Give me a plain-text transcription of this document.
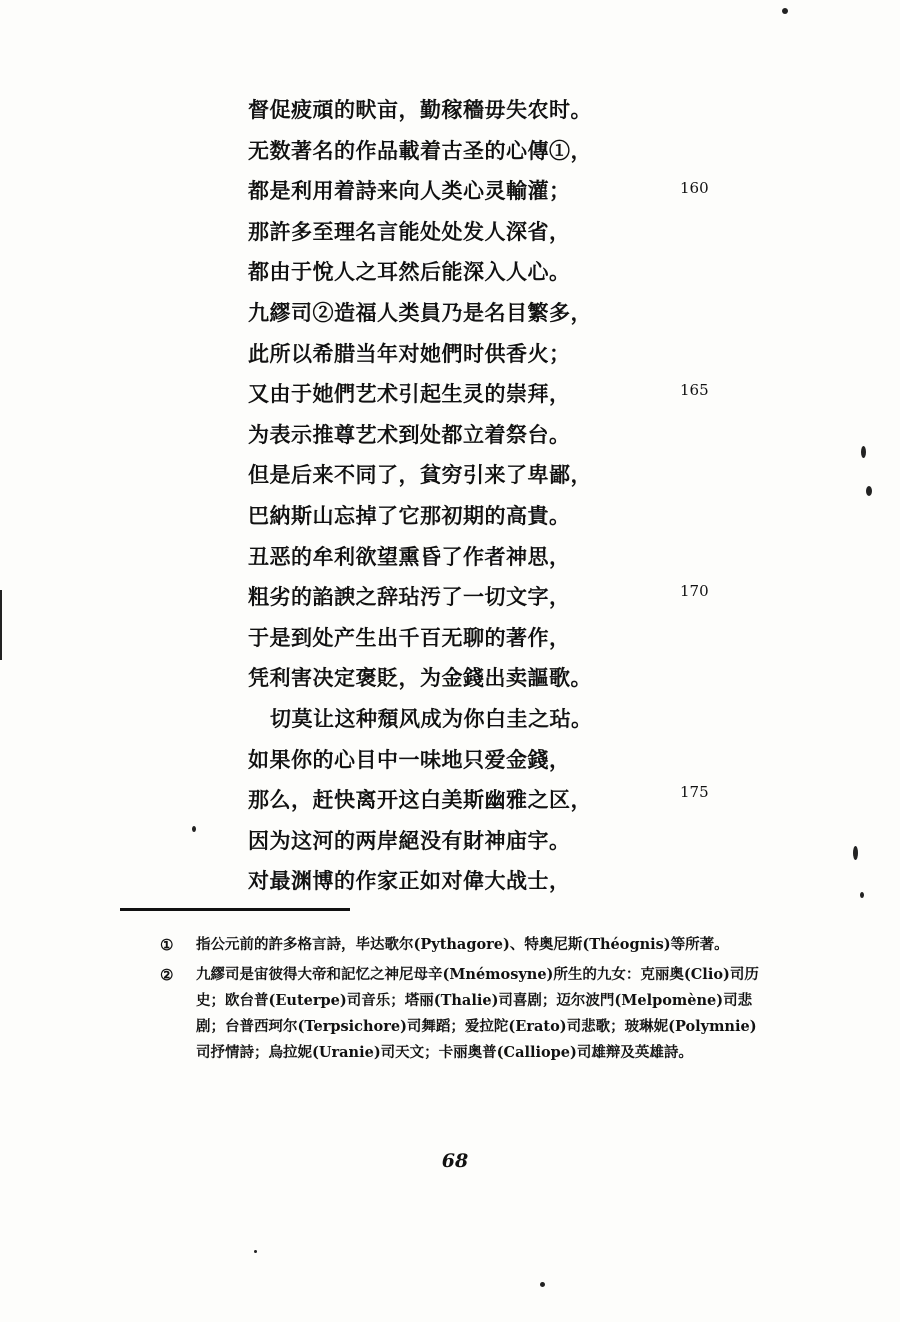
督促疲頑的畎亩，勤稼穡毋失农时。
无数著名的作品載着古圣的心傳①，
都是利用着詩来向人类心灵輸灌；
那許多至理名言能处处发人深省，
都由于悅人之耳然后能深入人心。
九繆司②造福人类員乃是名目繁多，
此所以希腊当年对她們时供香火；
又由于她們艺术引起生灵的崇拜，
为表示推尊艺术到处都立着祭台。
但是后来不同了，貧穷引来了卑鄙，
巴納斯山忘掉了它那初期的高貴。
丑恶的牟利欲望熏昏了作者神思，
粗劣的諂諛之辞玷汚了一切文字，
于是到处产生出千百无聊的著作，
凭利害决定褒貶，为金錢出卖謳歌。
切莫让这种頹风成为你白圭之玷。
如果你的心目中一味地只爱金錢，
那么，赶快离开这白美斯幽雅之区，
因为这河的两岸絕没有財神庙宇。
对最渊博的作家正如对偉大战士，
160
165
170
175
① 指公元前的許多格言詩，毕达歌尔(Pythagore)、特奥尼斯(Théognis)等所著。
② 九繆司是宙彼得大帝和記忆之神尼母辛(Mnémosyne)所生的九女：克丽奥(Clio)司历史；欧台普(Euterpe)司音乐；塔丽(Thalie)司喜剧；迈尔波門(Melpomène)司悲剧；台普西珂尔(Terpsichore)司舞蹈；爱拉陀(Erato)司悲歌；玻琳妮(Polymnie)司抒情詩；烏拉妮(Uranie)司天文；卡丽奥普(Calliope)司雄辩及英雄詩。
68
